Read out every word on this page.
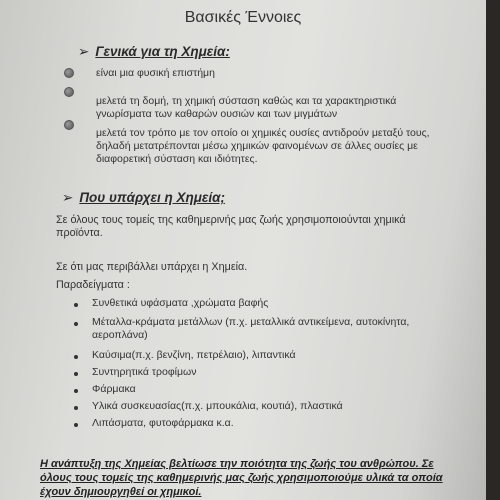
Βασικές Έννοιες
➢ Γενικά για τη Χημεία:
είναι μια φυσική επιστήμη
μελετά τη δομή, τη χημική σύσταση καθώς και τα χαρακτηριστικά
γνωρίσματα των καθαρών ουσιών και των μιγμάτων
μελετά τον τρόπο με τον οποίο οι χημικές ουσίες αντιδρούν μεταξύ τους,
δηλαδή μετατρέπονται μέσω χημικών φαινομένων σε άλλες ουσίες με
διαφορετική σύσταση και ιδιότητες.
➢ Που υπάρχει η Χημεία;
Σε όλους τους τομείς της καθημερινής μας ζωής χρησιμοποιούνται χημικά
προϊόντα.
Σε ότι μας περιβάλλει υπάρχει η Χημεία.
Παραδείγματα :
Συνθετικά υφάσματα ,χρώματα βαφής
Μέταλλα-κράματα μετάλλων (π.χ. μεταλλικά αντικείμενα, αυτοκίνητα,
αεροπλάνα)
Καύσιμα(π.χ. βενζίνη, πετρέλαιο), λιπαντικά
Συντηρητικά τροφίμων
Φάρμακα
Υλικά συσκευασίας(π.χ. μπουκάλια, κουτιά), πλαστικά
Λιπάσματα, φυτοφάρμακα κ.α.
Η ανάπτυξη της Χημείας βελτίωσε την ποιότητα της ζωής του ανθρώπου. Σε
όλους τους τομείς της καθημερινής μας ζωής χρησιμοποιούμε υλικά τα οποία
έχουν δημιουργηθεί οι χημικοί.
